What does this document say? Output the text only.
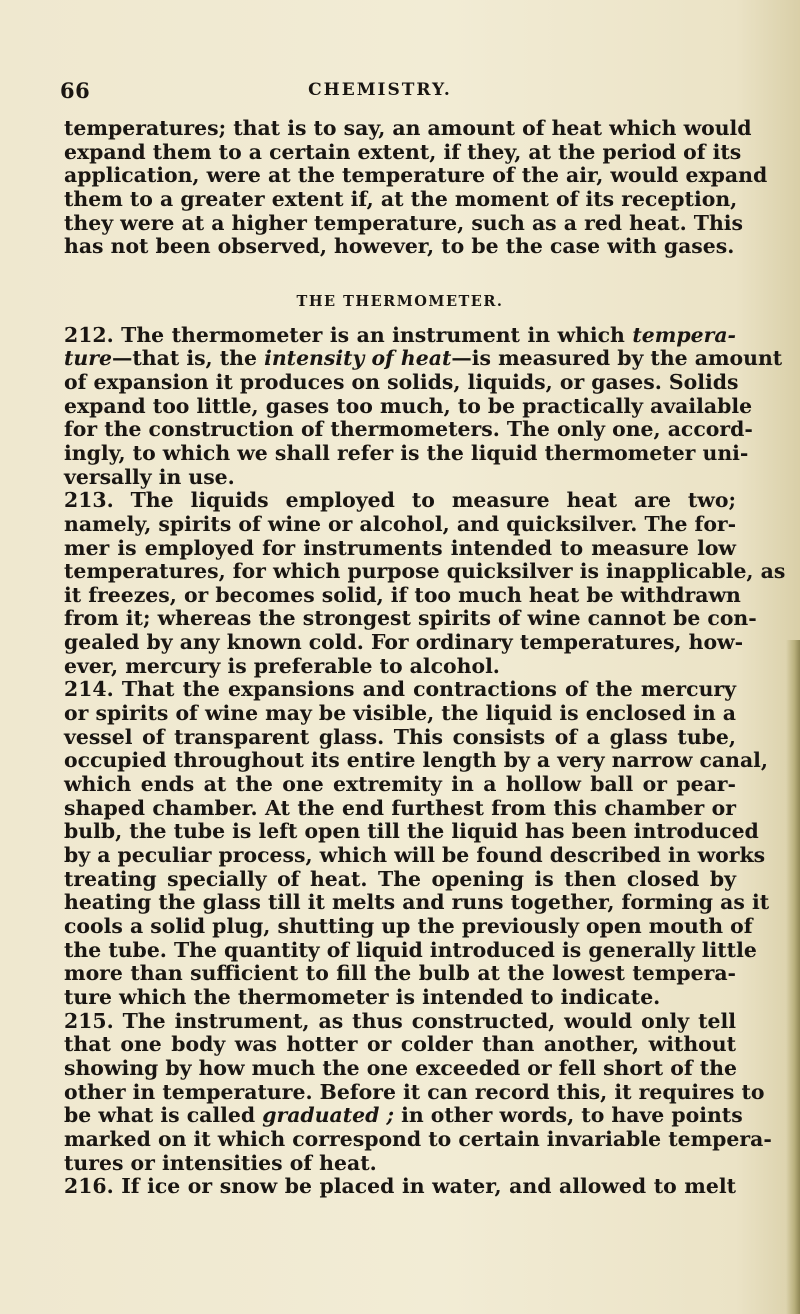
66	CHEMISTRY.
temperatures; that is to say, an amount of heat which would
expand them to a certain extent, if they, at the period of its
application, were at the temperature of the air, would expand
them to a greater extent if, at the moment of its reception,
they were at a higher temperature, such as a red heat. This
has not been observed, however, to be the case with gases.
THE THERMOMETER.
212. The thermometer is an instrument in which tempera-
ture—that is, the intensity of heat—is measured by the amount
of expansion it produces on solids, liquids, or gases. Solids
expand too little, gases too much, to be practically available
for the construction of thermometers. The only one, accord-
ingly, to which we shall refer is the liquid thermometer uni-
versally in use.
213. The liquids employed to measure heat are two;
namely, spirits of wine or alcohol, and quicksilver. The for-
mer is employed for instruments intended to measure low
temperatures, for which purpose quicksilver is inapplicable, as
it freezes, or becomes solid, if too much heat be withdrawn
from it; whereas the strongest spirits of wine cannot be con-
gealed by any known cold. For ordinary temperatures, how-
ever, mercury is preferable to alcohol.
214. That the expansions and contractions of the mercury
or spirits of wine may be visible, the liquid is enclosed in a
vessel of transparent glass. This consists of a glass tube,
occupied throughout its entire length by a very narrow canal,
which ends at the one extremity in a hollow ball or pear-
shaped chamber. At the end furthest from this chamber or
bulb, the tube is left open till the liquid has been introduced
by a peculiar process, which will be found described in works
treating specially of heat. The opening is then closed by
heating the glass till it melts and runs together, forming as it
cools a solid plug, shutting up the previously open mouth of
the tube. The quantity of liquid introduced is generally little
more than sufficient to fill the bulb at the lowest tempera-
ture which the thermometer is intended to indicate.
215. The instrument, as thus constructed, would only tell
that one body was hotter or colder than another, without
showing by how much the one exceeded or fell short of the
other in temperature. Before it can record this, it requires to
be what is called graduated ; in other words, to have points
marked on it which correspond to certain invariable tempera-
tures or intensities of heat.
216. If ice or snow be placed in water, and allowed to melt
